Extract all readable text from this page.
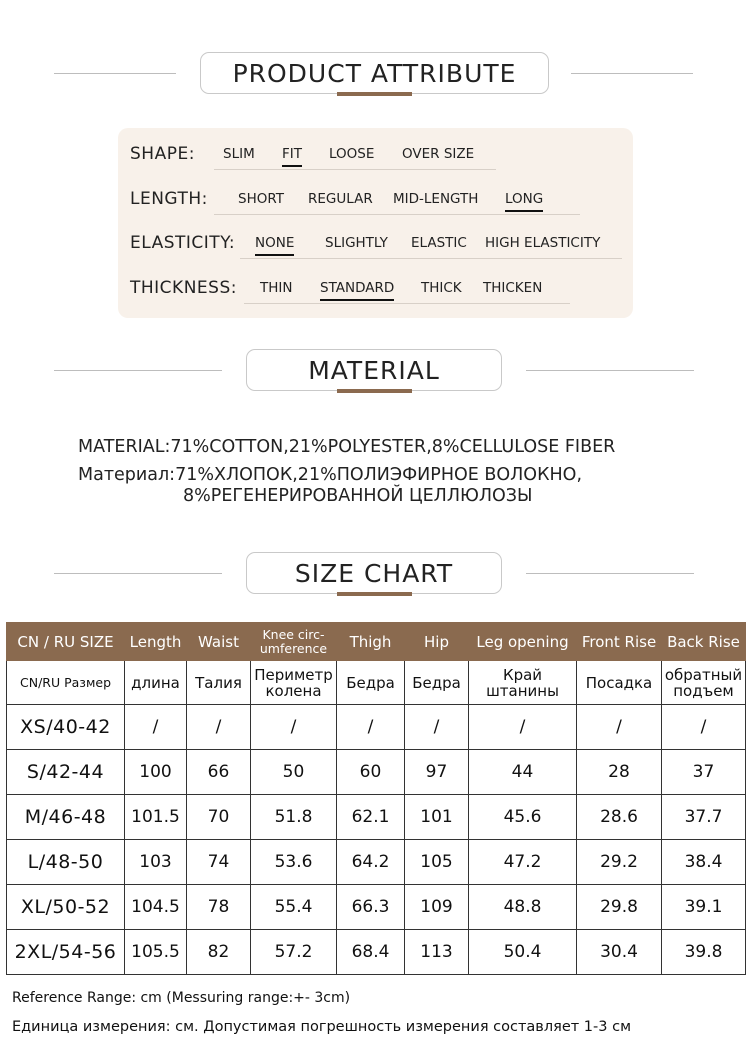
PRODUCT ATTRIBUTE
SHAPE: SLIM FIT LOOSE OVER SIZE
LENGTH: SHORT REGULAR MID-LENGTH LONG
ELASTICITY: NONE SLIGHTLY ELASTIC HIGH ELASTICITY
THICKNESS: THIN STANDARD THICK THICKEN
MATERIAL
MATERIAL:71%COTTON,21%POLYESTER,8%CELLULOSE FIBER
Материал:71%ХЛОПОК,21%ПОЛИЭФИРНОЕ ВОЛОКНО,
8%РЕГЕНЕРИРОВАННОЙ ЦЕЛЛЮЛОЗЫ
SIZE CHART
CN / RU SIZE	Length	Waist	Knee circ-umference	Thigh	Hip	Leg opening	Front Rise	Back Rise
CN/RU Размер	длина	Талия	Периметр колена	Бедра	Бедра	Край штанины	Посадка	обратный подъем
XS/40-42	/	/	/	/	/	/	/	/
S/42-44	100	66	50	60	97	44	28	37
M/46-48	101.5	70	51.8	62.1	101	45.6	28.6	37.7
L/48-50	103	74	53.6	64.2	105	47.2	29.2	38.4
XL/50-52	104.5	78	55.4	66.3	109	48.8	29.8	39.1
2XL/54-56	105.5	82	57.2	68.4	113	50.4	30.4	39.8
Reference Range: cm (Messuring range:+- 3cm)
Единица измерения: см. Допустимая погрешность измерения составляет 1-3 см
